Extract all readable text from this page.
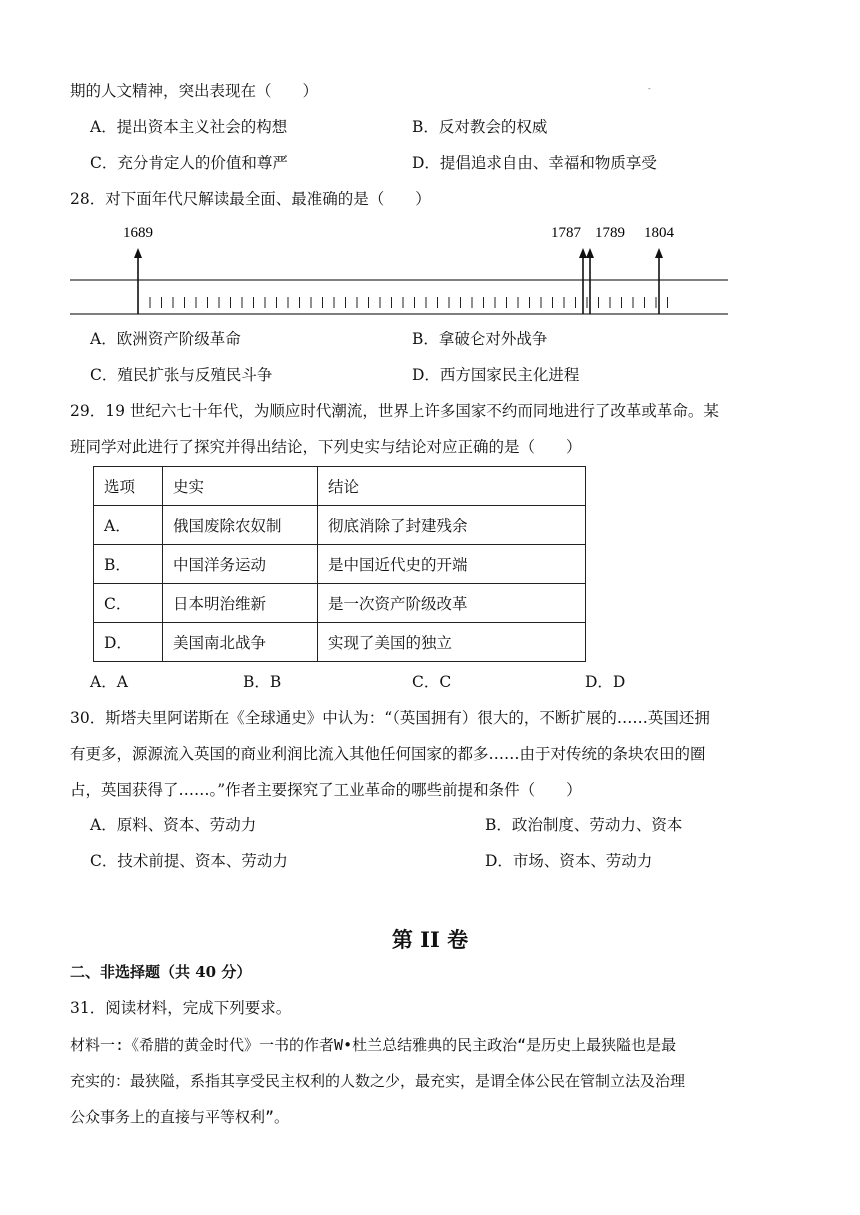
期的人文精神，突出表现在（　　）	-
A．提出资本主义社会的构想	B．反对教会的权威
C．充分肯定人的价值和尊严	D．提倡追求自由、幸福和物质享受
28．对下面年代尺解读最全面、最准确的是（　　）
1689	1787 1789 1804
A．欧洲资产阶级革命	B．拿破仑对外战争
C．殖民扩张与反殖民斗争	D．西方国家民主化进程
29．19 世纪六七十年代，为顺应时代潮流，世界上许多国家不约而同地进行了改革或革命。某
班同学对此进行了探究并得出结论，下列史实与结论对应正确的是（　　）
选项	史实	结论
A．	俄国废除农奴制	彻底消除了封建残余
B．	中国洋务运动	是中国近代史的开端
C．	日本明治维新	是一次资产阶级改革
D．	美国南北战争	实现了美国的独立
A．A	B．B	C．C	D．D
30．斯塔夫里阿诺斯在《全球通史》中认为：“（英国拥有）很大的，不断扩展的……英国还拥
有更多，源源流入英国的商业利润比流入其他任何国家的都多……由于对传统的条块农田的圈
占，英国获得了……。”作者主要探究了工业革命的哪些前提和条件（　　）
A．原料、资本、劳动力	B．政治制度、劳动力、资本
C．技术前提、资本、劳动力	D．市场、资本、劳动力
第 II 卷
二、非选择题（共 40 分）
31．阅读材料，完成下列要求。
材料一:《希腊的黄金时代》一书的作者W•杜兰总结雅典的民主政治“是历史上最狭隘也是最
充实的：最狭隘，系指其享受民主权利的人数之少，最充实，是谓全体公民在管制立法及治理
公众事务上的直接与平等权利”。
